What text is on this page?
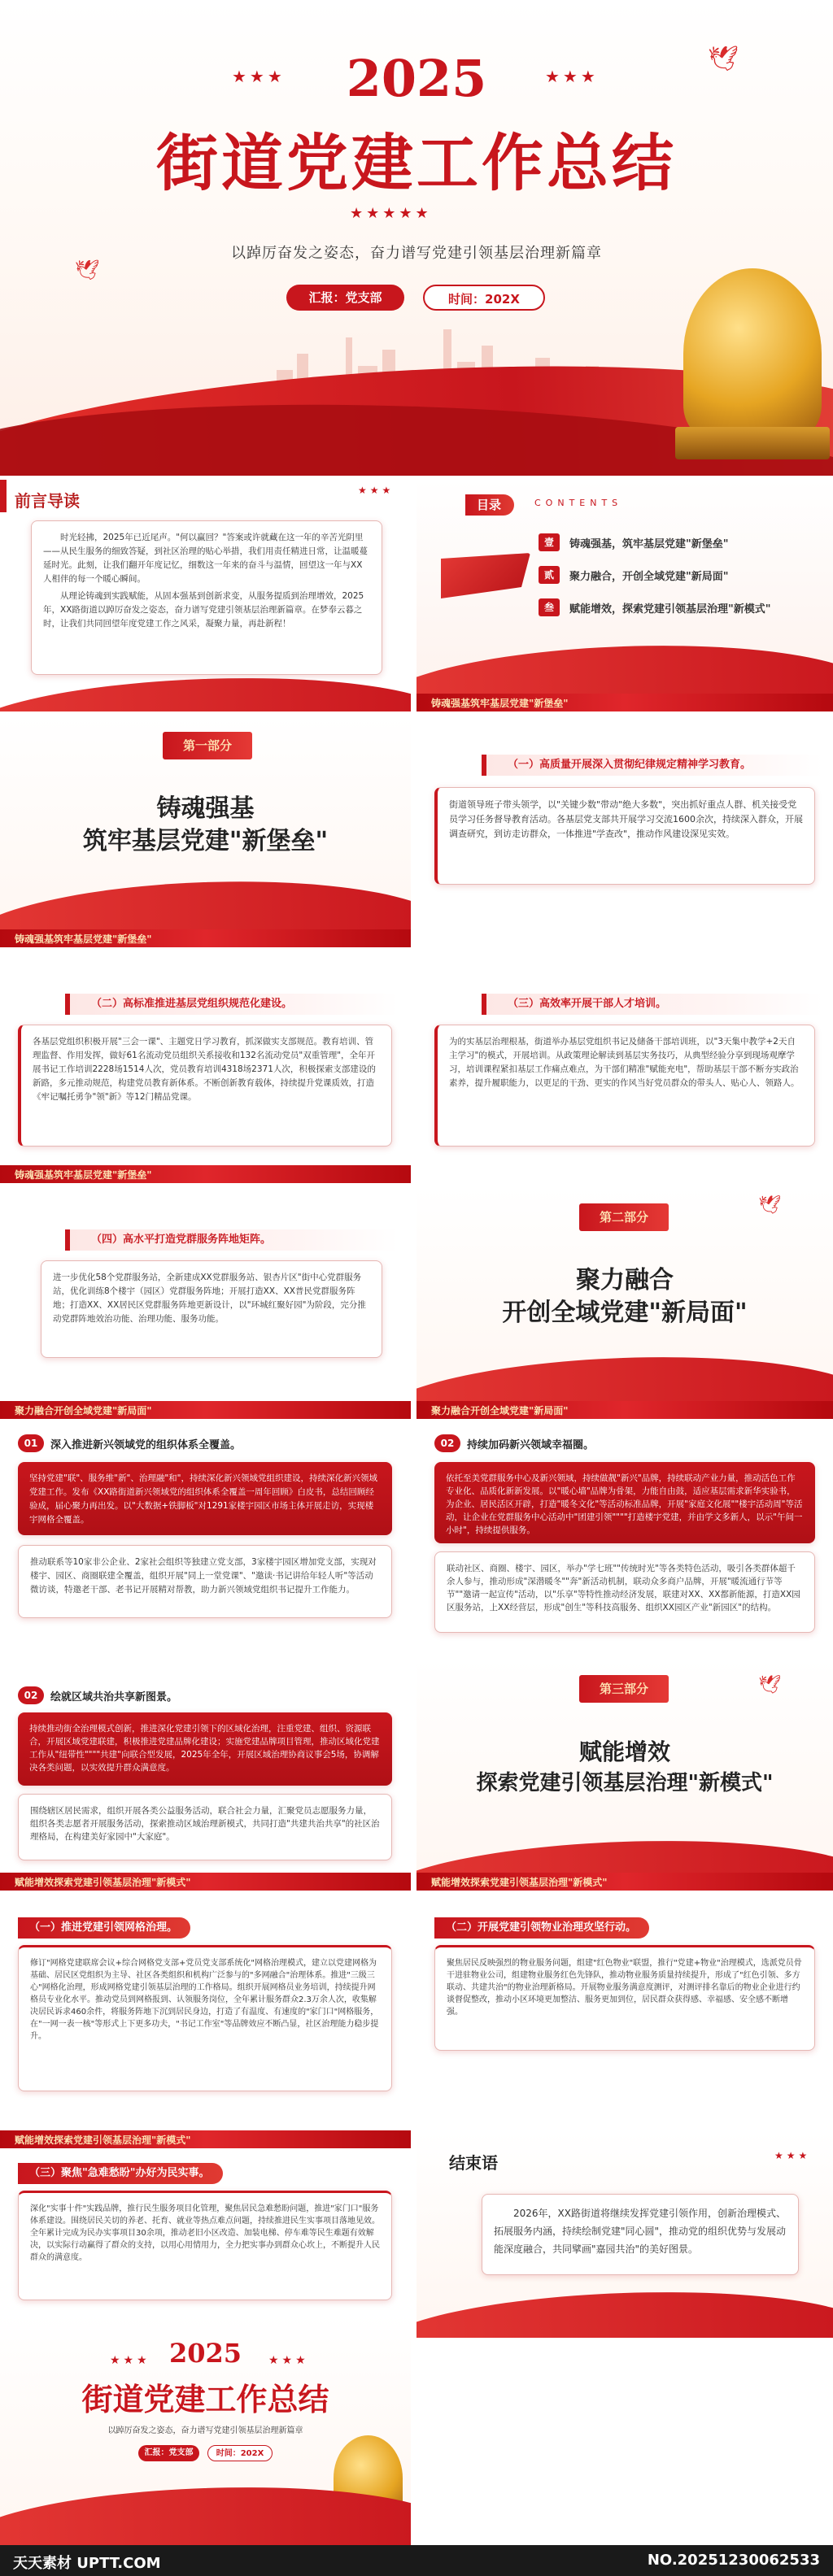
★★★	★★★
2025
街道党建工作总结
★★★★★
以踔厉奋发之姿态，奋力谱写党建引领基层治理新篇章
汇报：党支部	时间：202X
🕊
🕊
前言导读
★★★

时光轻拂，2025年已近尾声。"何以赢回？"答案或许就藏在这一年的辛苦光阴里——从民生服务的细致答疑，到社区治理的贴心举措，我们用责任精进日常，让温暖蔓延时光。此刻，让我们翻开年度记忆，细数这一年来的奋斗与温情，回望这一年与XX人相伴的每一个暖心瞬间。

从理论铸魂到实践赋能，从固本强基到创新求变，从服务提质到治理增效，2025年，XX路街道以踔厉奋发之姿态，奋力谱写党建引领基层治理新篇章。在梦奉云暮之时，让我们共同回望年度党建工作之风采，凝聚力量，再赴新程！

目录	CONTENTS
壹	铸魂强基，筑牢基层党建"新堡垒"
贰	聚力融合，开创全域党建"新局面"
叁	赋能增效，探索党建引领基层治理"新模式"
铸魂强基筑牢基层党建"新堡垒"
第一部分
铸魂强基
筑牢基层党建"新堡垒"
铸魂强基筑牢基层党建"新堡垒"
（一）高质量开展深入贯彻纪律规定精神学习教育。

街道领导班子带头领学，以"关键少数"带动"绝大多数"，突出抓好重点人群、机关接受党员学习任务督导教育活动。各基层党支部共开展学习交流1600余次，持续深入群众，开展调查研究，到访走访群众，一体推进"学查改"，推动作风建设深见实效。

（二）高标准推进基层党组织规范化建设。

各基层党组织积极开展"三会一课"、主题党日学习教育，抓深做实支部规范。教育培训、管理监督、作用发挥，做好61名流动党员组织关系接收和132名流动党员"双重管理"，全年开展书记工作培训2228场1514人次，党员教育培训4318场2371人次，积极探索支部建设的新路，多元推动规范，构建党员教育新体系。不断创新教育载体，持续提升党课质效，打造《牢记嘱托勇争"领"新》等12门精品党课。

铸魂强基筑牢基层党建"新堡垒"
（三）高效率开展干部人才培训。

为的实基层治理根基，街道举办基层党组织书记及储备干部培训班，以"3天集中教学+2天自主学习"的模式，开展培训。从政策理论解读到基层实务技巧，从典型经验分享到现场观摩学习，培训课程紧扣基层工作痛点难点，为干部们精准"赋能充电"，帮助基层干部不断夯实政治素养，提升履职能力，以更足的干劲、更实的作风当好党员群众的带头人、贴心人、领路人。

（四）高水平打造党群服务阵地矩阵。

进一步优化58个党群服务站，全新建成XX党群服务站、银杏片区"街中心党群服务站，优化训练8个楼宇（园区）党群服务阵地；开展打造XX、XX普民党群服务阵地；打造XX、XX居民区党群服务阵地更新设计，以"环城红聚好园"为阶段，完分推动党群阵地效治功能、治理功能、服务功能。

聚力融合开创全域党建"新局面"
🕊
第二部分
聚力融合
开创全域党建"新局面"
聚力融合开创全域党建"新局面"
01	深入推进新兴领域党的组织体系全覆盖。

坚持党建"联"、服务维"新"、治理融"和"，持续深化新兴领域党组织建设，持续深化新兴领域党建工作。发布《XX路街道新兴领域党的组织体系全覆盖一周年回顾》白皮书，总结回顾经验成，届心聚力再出发。以"大数据+铁脚板"对1291家楼宇园区市场主体开展走访，实现楼宇网格全覆盖。

推动联系等10家非公企业、2家社会组织等独建立党支部，3家楼宇园区增加党支部，实现对楼宇、园区、商圈联建全覆盖，组织开展"同上一堂党课"、"邀读·书记讲给年轻人听"等活动微访谈，特邀老干部、老书记开展精对帮教，助力新兴领域党组织书记提升工作能力。

02	持续加码新兴领域幸福圈。

依托至美党群服务中心及新兴领域，持续做靓"新兴"品牌，持续联动产业力量，推动活色工作专业化、品质化新新发展。以"暖心墙"品牌为骨架，力能自由鼓，适应基层需求新华实验书，为企业、居民活区开辟，打造"暖冬文化"等活动标准品牌，开展"家庭文化展""楼宇活动周"等活动，让企业在党群服务中心活动中"团建引领""""打造楼宇党建，并由学文多新人，以示"午间一小时"，持续提供服务。

联动社区、商圈、楼宇、园区，举办"学七班""传统时光"等各类特色活动，吸引各类群体超千余人参与，推动形成"深潜暖冬""奔"新活动机制，联动众多商户品牌，开展"暖流通行节等节""邀请一起宣传"活动，以"乐享"等特性推动经济发展，联建对XX、XX都新能源，打造XX园区服务站，上XX经营层，形成"创生"等科技高服务、组织XX园区产业"新园区"的结构。

02	绘就区域共治共享新图景。

持续推动街全治理模式创新，推进深化党建引领下的区域化治理，注重党建、组织、资源联合，开展区域党建联建，积极推进党建品牌化建设；实施党建品牌项目管理，推动区域化党建工作从"纽带性""""共建"向联合型发展，2025年全年，开展区域治理协商议事会5场，协调解决各类问题，以实效提升群众满意度。

围绕辖区居民需求，组织开展各类公益服务活动，联合社会力量，汇聚党员志愿服务力量，组织各类志愿者开展服务活动，探索推动区域治理新模式，共同打造"共建共治共享"的社区治理格局，在构建美好家园中"大家庭"。

赋能增效探索党建引领基层治理"新模式"
🕊
第三部分
赋能增效
探索党建引领基层治理"新模式"
赋能增效探索党建引领基层治理"新模式"
（一）推进党建引领网格治理。

修订"网格党建联席会议+综合网格党支部+党员党支部系统化"网格治理模式，建立以党建网格为基础、居民区党组织为主导、社区各类组织和机构广泛参与的"多网融合"治理体系。推进"三级三心"网格化治理，形成网格党建引领基层治理的工作格局。组织开展网格员业务培训，持续提升网格员专业化水平。推动党员到网格报到、认领服务岗位，全年累计服务群众2.3万余人次，收集解决居民诉求460余件，将服务阵地下沉到居民身边，打造了有温度、有速度的"家门口"网格服务，在"一网一表一核"等形式上下更多功夫，"书记工作室"等品牌效应不断凸显，社区治理能力稳步提升。

（二）开展党建引领物业治理攻坚行动。

聚焦居民反映强烈的物业服务问题，组建"红色物业"联盟，推行"党建+物业"治理模式，选派党员骨干进驻物业公司，组建物业服务红色先锋队，推动物业服务质量持续提升，形成了"红色引领、多方联动、共建共治"的物业治理新格局。开展物业服务满意度测评，对测评排名靠后的物业企业进行约谈督促整改，推动小区环境更加整洁、服务更加到位，居民群众获得感、幸福感、安全感不断增强。

赋能增效探索党建引领基层治理"新模式"
（三）聚焦"急难愁盼"办好为民实事。

深化"实事十件"实践品牌，推行民生服务项目化管理，聚焦居民急难愁盼问题，推进"家门口"服务体系建设。围绕居民关切的养老、托育、就业等热点难点问题，持续推进民生实事项目落地见效。全年累计完成为民办实事项目30余项，推动老旧小区改造、加装电梯、停车难等民生难题有效解决，以实际行动赢得了群众的支持，以用心用情用力，全力把实事办到群众心坎上，不断提升人民群众的满意度。

结束语	★★★

2026年，XX路街道将继续发挥党建引领作用，创新治理模式、拓展服务内涵，持续绘制党建"同心圆"，推动党的组织优势与发展动能深度融合，共同擘画"嘉园共治"的美好图景。

★★★	★★★
2025
街道党建工作总结
以踔厉奋发之姿态，奋力谱写党建引领基层治理新篇章
汇报：党支部	时间：202X
天天素材 UPTT.COM	NO.20251230062533
